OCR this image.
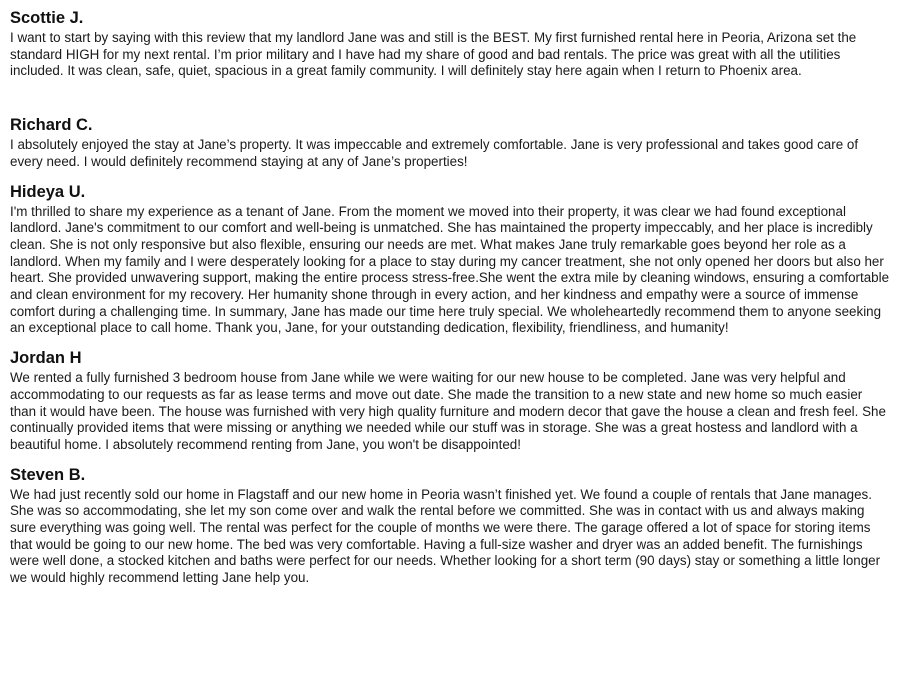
Scottie J.

I want to start by saying with this review that my landlord Jane was and still is the BEST. My first furnished rental here in Peoria, Arizona set the standard HIGH for my next rental. I’m prior military and I have had my share of good and bad rentals. The price was great with all the utilities included. It was clean, safe, quiet, spacious in a great family community. I will definitely stay here again when I return to Phoenix area.

Richard C.

I absolutely enjoyed the stay at Jane’s property. It was impeccable and extremely comfortable. Jane is very professional and takes good care of every need. I would definitely recommend staying at any of Jane’s properties!

Hideya U.

I'm thrilled to share my experience as a tenant of Jane. From the moment we moved into their property, it was clear we had found exceptional landlord. Jane's commitment to our comfort and well-being is unmatched. She has maintained the property impeccably, and her place is incredibly clean. She is not only responsive but also flexible, ensuring our needs are met. What makes Jane truly remarkable goes beyond her role as a landlord. When my family and I were desperately looking for a place to stay during my cancer treatment, she not only opened her doors but also her heart. She provided unwavering support, making the entire process stress-free.She went the extra mile by cleaning windows, ensuring a comfortable and clean environment for my recovery. Her humanity shone through in every action, and her kindness and empathy were a source of immense comfort during a challenging time. In summary, Jane has made our time here truly special. We wholeheartedly recommend them to anyone seeking an exceptional place to call home. Thank you, Jane, for your outstanding dedication, flexibility, friendliness, and humanity!

Jordan H

We rented a fully furnished 3 bedroom house from Jane while we were waiting for our new house to be completed. Jane was very helpful and accommodating to our requests as far as lease terms and move out date. She made the transition to a new state and new home so much easier than it would have been. The house was furnished with very high quality furniture and modern decor that gave the house a clean and fresh feel. She continually provided items that were missing or anything we needed while our stuff was in storage. She was a great hostess and landlord with a beautiful home. I absolutely recommend renting from Jane, you won't be disappointed!

Steven B.

We had just recently sold our home in Flagstaff and our new home in Peoria wasn’t finished yet. We found a couple of rentals that Jane manages. She was so accommodating, she let my son come over and walk the rental before we committed. She was in contact with us and always making sure everything was going well. The rental was perfect for the couple of months we were there. The garage offered a lot of space for storing items that would be going to our new home. The bed was very comfortable. Having a full-size washer and dryer was an added benefit. The furnishings were well done, a stocked kitchen and baths were perfect for our needs. Whether looking for a short term (90 days) stay or something a little longer we would highly recommend letting Jane help you.
